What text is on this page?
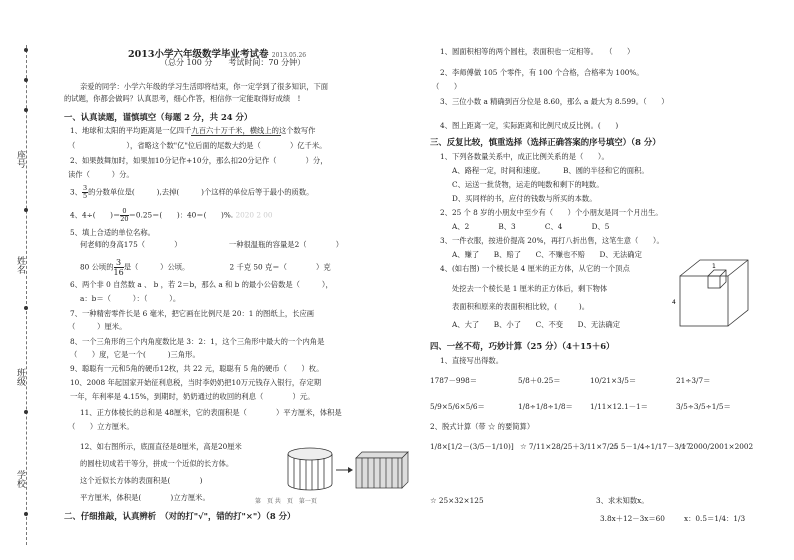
座号
姓名
班级
学校
2013小学六年级数学毕业考试卷 2013.05.26
（总分 100 分　　考试时间：70 分钟）
亲爱的同学：小学六年级的学习生活即将结束，你一定学到了很多知识，下面
的试题，你都会做吗？认真思考，细心作答，相信你一定能取得好成绩　!
一、认真读题，谨慎填空（每题 2 分，共 24 分）
1、地球和太阳的平均距离是一亿四千九百六十万千米，横线上的这个数写作
（　　　　　　　），省略这个数"亿"位后面的尾数大约是（　　　　）亿千米。
2、如果鼓舞加时，如果加10分记作+10分，那么扣20分记作（　　　　）分，
读作（　　　）分。
3、 $\frac{3}{5}$ 的分数单位是(　　　),去掉(　　　)个这样的单位后等于最小的质数。
4、4÷(　　)＝ $\frac{0}{20} =0.25=$(　　)：40＝(　　)%. 2020 2 00
5、填上合适的单位名称。
何老师的身高175（　　　　）　　　　　　　一种很温瓶的容量是2（　　　　）
80 公顷的 $\frac{3}{16}$ 是（　　　）公顷。　　　　　　2 千克 50 克＝（　　　　）克
6、两个非 0 自然数 a 、 b ，若 2＝b，那么 a 和 b 的最小公倍数是（　　　），
a：b＝（　　　）：（　　　）。
7、一种精密零件长是 6 毫米，把它画在比例尺是 20：1 的图纸上，长应画
（　　　）厘米。
8、一个三角形的三个内角度数比是 3：2：1，这个三角形中最大的一个内角是
（　　）度，它是一个(　　　)三角形。
9、聪聪有一元和5角的硬币12枚，共 22 元，聪聪有 5 角的硬币（　　）枚。
10、2008 年起国家开始征利息税，当时李奶奶把10万元钱存入银行，存定期
一年，年利率是 4.15%，到期时，奶奶通过的收回的利息（　　　　）元。
11、正方体棱长的总和是 48厘米，它的表面积是（　　　　）平方厘米，体积是
（　　）立方厘米。
12、如右图所示，底面直径是8厘米，高是20厘米
的圆柱切成若干等分，拼成一个近似的长方体。
这个近似长方体的表面积是(　　　　)
平方厘米，体积是(　　　　)立方厘米。	第　页 共　页　第一页
二、仔细推敲，认真辨析　（对的打"√"，错的打"×"）（8 分）
1、圆面积相等的两个圆柱，表面积也一定相等。　　（　　）
2、李师傅做 105 个零件，有 100 个合格，合格率为 100%。
（　　）
3、三位小数 a 精确到百分位是 8.60，那么 a 最大为 8.599。（　　）
4、图上距离一定，实际距离和比例尺成反比例。(　　)
三、反复比较，慎重选择（选择正确答案的序号填空）（8 分）
1、下列各数量关系中，成正比例关系的是（　　）。
A、路程一定，时间和速度。　　　B、圆的半径和它的面积。
C、运送一批货物，运走的吨数和剩下的吨数。
D、买同样的书，应付的钱数与所买的本数。
2、25 个 8 岁的小朋友中至少有（　　）个小朋友是同一个月出生。
A、2　　　　B、3　　　　C、4　　　　D、5
3、一件衣服，按进价提高 20%，再打八折出售，这笔生意（　　）。
A、赚了　　B、赔了　　C、不赚也不赔　　D、无法确定
4、(如右图) 一个棱长是 4 厘米的正方体，从它的一个顶点
处挖去一个棱长是 1 厘米的正方体后，剩下物体
表面积和原来的表面积相比较，(　　　)。
A、大了　　B、小了　　C、不变　　D、无法确定
4
1
四、一丝不苟，巧妙计算（25 分）（4＋15＋6）
1、直接写出得数。
1787－998＝	5/8＋0.25＝	10/21×3/5＝	21÷3/7＝
5/9×5/6×5/6＝	1/8÷1/8÷1/8＝ 1/11×12.1－1＝	3/5÷3/5÷1/5＝
2、脱式计算（带 ☆ 的要简算）
1/8×[1/2－(3/5－1/10)] ☆ 7/11×28/25＋3/11×7/25
☆ 5－1/4÷1/17－3/17
☆ 2000/2001×2002
☆ 25×32×125	3、求未知数x。
3.8x＋12－3x＝60	x：0.5＝1/4：1/3
